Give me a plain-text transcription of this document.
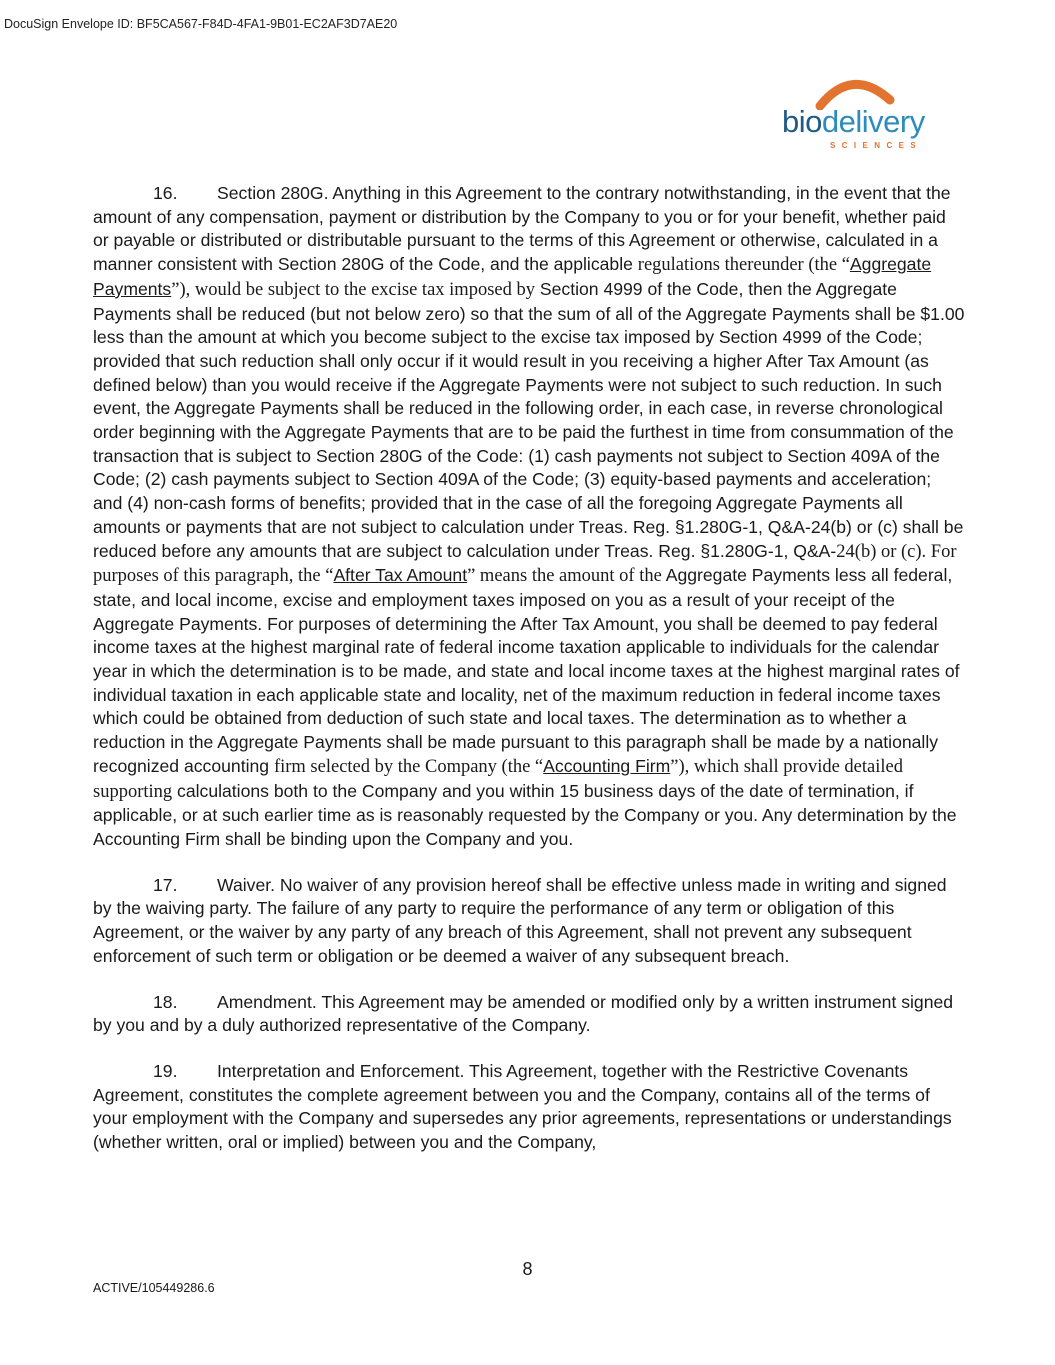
DocuSign Envelope ID: BF5CA567-F84D-4FA1-9B01-EC2AF3D7AE20
biodelivery
SCIENCES

16. Section 280G. Anything in this Agreement to the contrary notwithstanding, in the event that the amount of any compensation, payment or distribution by the Company to you or for your benefit, whether paid or payable or distributed or distributable pursuant to the terms of this Agreement or otherwise, calculated in a manner consistent with Section 280G of the Code, and the applicable regulations thereunder (the “Aggregate Payments”), would be subject to the excise tax imposed by Section 4999 of the Code, then the Aggregate Payments shall be reduced (but not below zero) so that the sum of all of the Aggregate Payments shall be $1.00 less than the amount at which you become subject to the excise tax imposed by Section 4999 of the Code; provided that such reduction shall only occur if it would result in you receiving a higher After Tax Amount (as defined below) than you would receive if the Aggregate Payments were not subject to such reduction. In such event, the Aggregate Payments shall be reduced in the following order, in each case, in reverse chronological order beginning with the Aggregate Payments that are to be paid the furthest in time from consummation of the transaction that is subject to Section 280G of the Code: (1) cash payments not subject to Section 409A of the Code; (2) cash payments subject to Section 409A of the Code; (3) equity-based payments and acceleration; and (4) non-cash forms of benefits; provided that in the case of all the foregoing Aggregate Payments all amounts or payments that are not subject to calculation under Treas. Reg. §1.280G-1, Q&A-24(b) or (c) shall be reduced before any amounts that are subject to calculation under Treas. Reg. §1.280G-1, Q&A-24(b) or (c). For purposes of this paragraph, the “After Tax Amount” means the amount of the Aggregate Payments less all federal, state, and local income, excise and employment taxes imposed on you as a result of your receipt of the Aggregate Payments. For purposes of determining the After Tax Amount, you shall be deemed to pay federal income taxes at the highest marginal rate of federal income taxation applicable to individuals for the calendar year in which the determination is to be made, and state and local income taxes at the highest marginal rates of individual taxation in each applicable state and locality, net of the maximum reduction in federal income taxes which could be obtained from deduction of such state and local taxes. The determination as to whether a reduction in the Aggregate Payments shall be made pursuant to this paragraph shall be made by a nationally recognized accounting firm selected by the Company (the “Accounting Firm”), which shall provide detailed supporting calculations both to the Company and you within 15 business days of the date of termination, if applicable, or at such earlier time as is reasonably requested by the Company or you. Any determination by the Accounting Firm shall be binding upon the Company and you.

17. Waiver. No waiver of any provision hereof shall be effective unless made in writing and signed by the waiving party. The failure of any party to require the performance of any term or obligation of this Agreement, or the waiver by any party of any breach of this Agreement, shall not prevent any subsequent enforcement of such term or obligation or be deemed a waiver of any subsequent breach.

18. Amendment. This Agreement may be amended or modified only by a written instrument signed by you and by a duly authorized representative of the Company.

19. Interpretation and Enforcement. This Agreement, together with the Restrictive Covenants Agreement, constitutes the complete agreement between you and the Company, contains all of the terms of your employment with the Company and supersedes any prior agreements, representations or understandings (whether written, oral or implied) between you and the Company,

8
ACTIVE/105449286.6
